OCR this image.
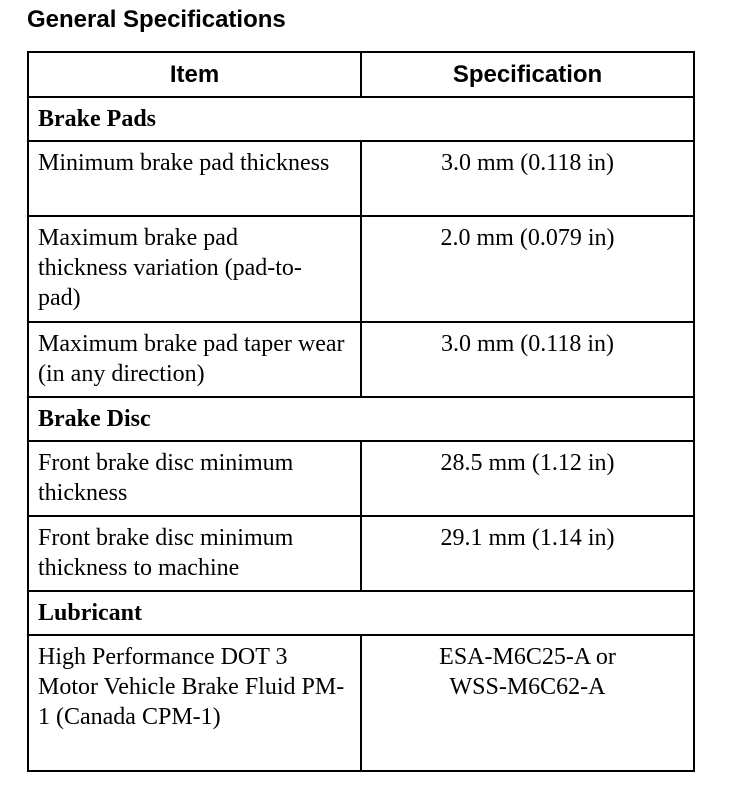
General Specifications
Item	Specification
Brake Pads	
Minimum brake pad thickness	3.0 mm (0.118 in)
Maximum brake pad thickness variation (pad-to-pad)	2.0 mm (0.079 in)
Maximum brake pad taper wear (in any direction)	3.0 mm (0.118 in)
Brake Disc	
Front brake disc minimum thickness	28.5 mm (1.12 in)
Front brake disc minimum thickness to machine	29.1 mm (1.14 in)
Lubricant	
High Performance DOT 3 Motor Vehicle Brake Fluid PM-1 (Canada CPM-1)	ESA-M6C25-A or WSS-M6C62-A
